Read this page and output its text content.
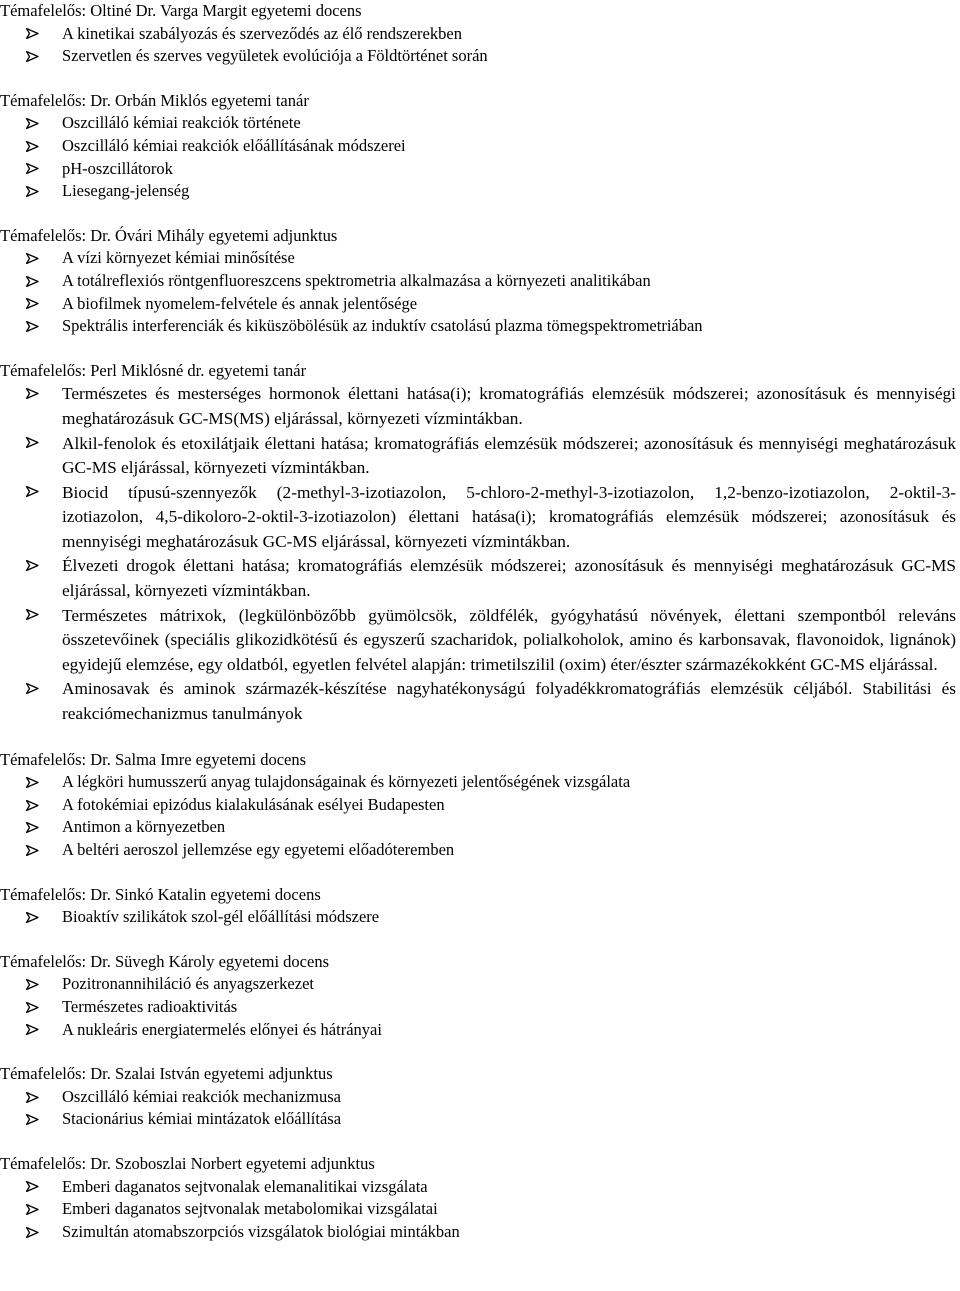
Témafelelős: Oltiné Dr. Varga Margit egyetemi docens

A kinetikai szabályozás és szerveződés az élő rendszerekben
Szervetlen és szerves vegyületek evolúciója a Földtörténet során

Témafelelős: Dr. Orbán Miklós egyetemi tanár

Oszcilláló kémiai reakciók története
Oszcilláló kémiai reakciók előállításának módszerei
pH-oszcillátorok
Liesegang-jelenség

Témafelelős: Dr. Óvári Mihály egyetemi adjunktus

A vízi környezet kémiai minősítése
A totálreflexiós röntgenfluoreszcens spektrometria alkalmazása a környezeti analitikában
A biofilmek nyomelem-felvétele és annak jelentősége
Spektrális interferenciák és kiküszöbölésük az induktív csatolású plazma tömegspektrometriában

Témafelelős: Perl Miklósné dr. egyetemi tanár

Természetes és mesterséges hormonok élettani hatása(i); kromatográfiás elemzésük módszerei; azonosításuk és mennyiségi meghatározásuk GC-MS(MS) eljárással, környezeti vízmintákban.
Alkil-fenolok és etoxilátjaik élettani hatása; kromatográfiás elemzésük módszerei; azonosításuk és mennyiségi meghatározásuk GC-MS eljárással, környezeti vízmintákban.
Biocid típusú-szennyezők (2-methyl-3-izotiazolon, 5-chloro-2-methyl-3-izotiazolon, 1,2-benzo-izotiazolon, 2-oktil-3-izotiazolon, 4,5-dikoloro-2-oktil-3-izotiazolon) élettani hatása(i); kromatográfiás elemzésük módszerei; azonosításuk és mennyiségi meghatározásuk GC-MS eljárással, környezeti vízmintákban.
Élvezeti drogok élettani hatása; kromatográfiás elemzésük módszerei; azonosításuk és mennyiségi meghatározásuk GC-MS eljárással, környezeti vízmintákban.
Természetes mátrixok, (legkülönbözőbb gyümölcsök, zöldfélék, gyógyhatású növények, élettani szempontból releváns összetevőinek (speciális glikozidkötésű és egyszerű szacharidok, polialkoholok, amino és karbonsavak, flavonoidok, lignánok) egyidejű elemzése, egy oldatból, egyetlen felvétel alapján: trimetilszilil (oxim) éter/észter származékokként GC-MS eljárással.
Aminosavak és aminok származék-készítése nagyhatékonyságú folyadékkromatográfiás elemzésük céljából. Stabilitási és reakciómechanizmus tanulmányok

Témafelelős: Dr. Salma Imre egyetemi docens

A légköri humusszerű anyag tulajdonságainak és környezeti jelentőségének vizsgálata
A fotokémiai epizódus kialakulásának esélyei Budapesten
Antimon a környezetben
A beltéri aeroszol jellemzése egy egyetemi előadóteremben

Témafelelős: Dr. Sinkó Katalin egyetemi docens

Bioaktív szilikátok szol-gél előállítási módszere

Témafelelős: Dr. Süvegh Károly egyetemi docens

Pozitronannihiláció és anyagszerkezet
Természetes radioaktivitás
A nukleáris energiatermelés előnyei és hátrányai

Témafelelős: Dr. Szalai István egyetemi adjunktus

Oszcilláló kémiai reakciók mechanizmusa
Stacionárius kémiai mintázatok előállítása

Témafelelős: Dr. Szoboszlai Norbert egyetemi adjunktus

Emberi daganatos sejtvonalak elemanalitikai vizsgálata
Emberi daganatos sejtvonalak metabolomikai vizsgálatai
Szimultán atomabszorpciós vizsgálatok biológiai mintákban
